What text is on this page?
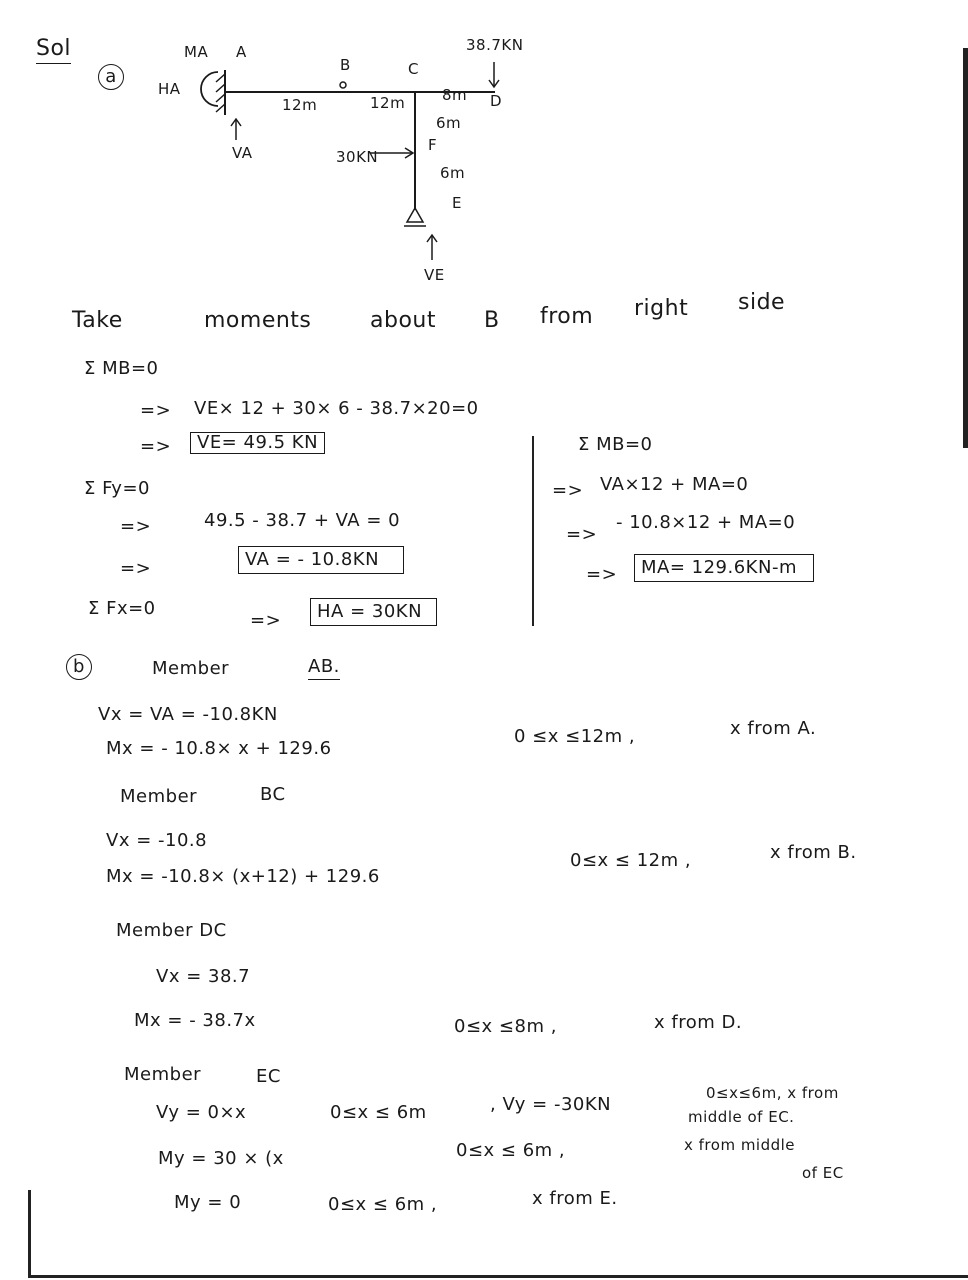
Sol
a
MA A
HA
VA
B	C
38.7KN
D
12m	12m 8m
6m
F
30KN
6m
E
VE
Take	moments	about B from right side
Σ MB=0
=> VE× 12 + 30× 6 - 38.7×20=0
=>	VE= 49.5 KN
Σ Fy=0
=>	49.5 - 38.7 + VA = 0
=>	VA = - 10.8KN
Σ Fx=0
=>	HA = 30KN
Σ MB=0
=> VA×12 + MA=0
=>
- 10.8×12 + MA=0
=>	MA= 129.6KN-m
b	Member	AB.
Vx = VA = -10.8KN
Mx = - 10.8× x + 129.6
0 ≤x ≤12m ,	x from A.
Member	BC
Vx = -10.8
Mx = -10.8× (x+12) + 129.6
0≤x ≤ 12m ,	x from B.
Member DC
Vx = 38.7
Mx = - 38.7x	0≤x ≤8m ,	x from D.
Member	EC
Vy = 0×x	0≤x ≤ 6m	, Vy = -30KN
0≤x≤6m, x from
middle of EC.
My = 30 × (x	0≤x ≤ 6m ,	x from middle
of EC
My = 0	0≤x ≤ 6m ,	x from E.
